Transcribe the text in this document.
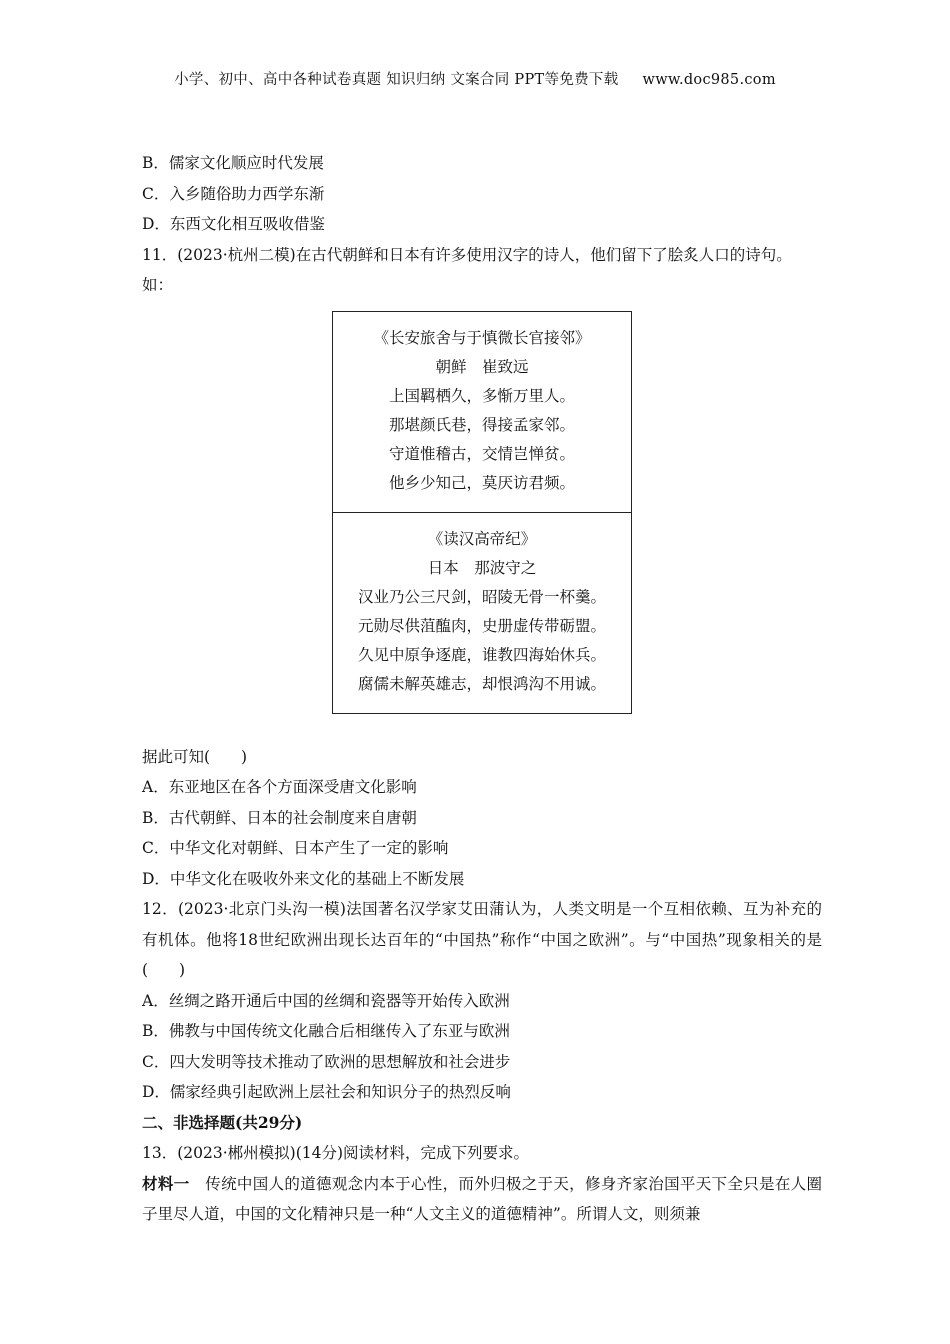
小学、初中、高中各种试卷真题 知识归纳 文案合同 PPT等免费下载 www.doc985.com
B．儒家文化顺应时代发展
C．入乡随俗助力西学东渐
D．东西文化相互吸收借鉴
11．(2023·杭州二模)在古代朝鲜和日本有许多使用汉字的诗人，他们留下了脍炙人口的诗句。
如：
《长安旅舍与于慎微长官接邻》
朝鲜　崔致远
上国羁栖久，多惭万里人。
那堪颜氏巷，得接孟家邻。
守道惟稽古，交情岂惮贫。
他乡少知己，莫厌访君频。
《读汉高帝纪》
日本　那波守之
汉业乃公三尺剑，昭陵无骨一杯羹。
元勋尽供菹醢肉，史册虚传带砺盟。
久见中原争逐鹿，谁教四海始休兵。
腐儒未解英雄志，却恨鸿沟不用诚。
据此可知(　　)
A．东亚地区在各个方面深受唐文化影响
B．古代朝鲜、日本的社会制度来自唐朝
C．中华文化对朝鲜、日本产生了一定的影响
D．中华文化在吸收外来文化的基础上不断发展
12．(2023·北京门头沟一模)法国著名汉学家艾田蒲认为，人类文明是一个互相依赖、互为补充的有机体。他将18世纪欧洲出现长达百年的“中国热”称作“中国之欧洲”。与“中国热”现象相关的是(　　)
A．丝绸之路开通后中国的丝绸和瓷器等开始传入欧洲
B．佛教与中国传统文化融合后相继传入了东亚与欧洲
C．四大发明等技术推动了欧洲的思想解放和社会进步
D．儒家经典引起欧洲上层社会和知识分子的热烈反响
二、非选择题(共29分)
13．(2023·郴州模拟)(14分)阅读材料，完成下列要求。
材料一　传统中国人的道德观念内本于心性，而外归极之于天，修身齐家治国平天下全只是在人圈子里尽人道，中国的文化精神只是一种“人文主义的道德精神”。所谓人文，则须兼
